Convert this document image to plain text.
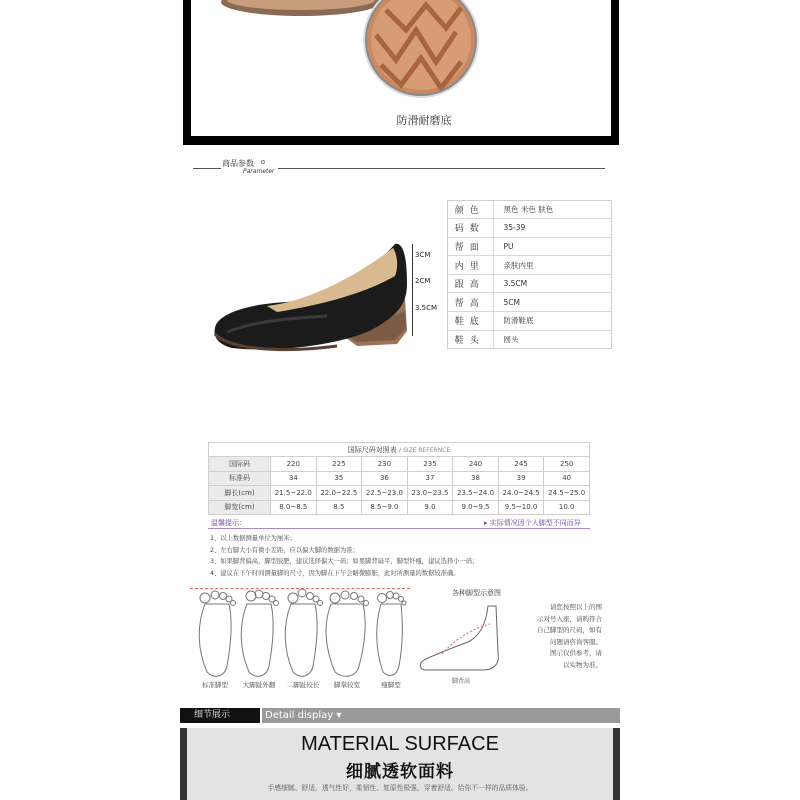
防滑耐磨底
商品参数
Parameter
3CM
2CM
3.5CM
颜色	黑色 米色 肤色
码数	35-39
帮面	PU
内里	亲肤内里
跟高	3.5CM
帮高	5CM
鞋底	防滑鞋底
鞋头	圆头
国际尺码对照表 / SIZE REFERNCE
国际码	220	225	230	235	240	245	250
标准码	34	35	36	37	38	39	40
脚长(cm)	21.5~22.0	22.0~22.5	22.5~23.0	23.0~23.5	23.5~24.0	24.0~24.5	24.5~25.0
脚宽(cm)	8.0~8.5	8.5	8.5~9.0	9.0	9.0~9.5	9.5~10.0	10.0
温馨提示：	▸ 实际情况因个人脚型不同而异
1、以上数据测量单位为厘米；
2、左右脚大小有微小差距，应以偏大脚的数据为准；
3、如果脚背偏高，脚型胶肥，建议选择偏大一码；如果脚背扁平，脚型纤瘦，建议选择小一码；
4、建议在下午时间测量脚的尺寸，因为脚在下午会略微膨胀，此时所测量的数据较准确。
标准脚型	大脚趾外翻	二脚趾较长	脚掌较宽	瘦脚型
各种脚型示意图
脚背高
请您按照以上的图
示对号入座，请购符合
自己脚型的尺码，如有
问题请咨询客服。
图示仅供参考，请
以实物为准。
细节展示	Detail display ▾
MATERIAL SURFACE
细腻透软面料
手感细腻、舒适，透气性好，柔韧性、复原性极强，穿着舒适。给你不一样的品质体验。
